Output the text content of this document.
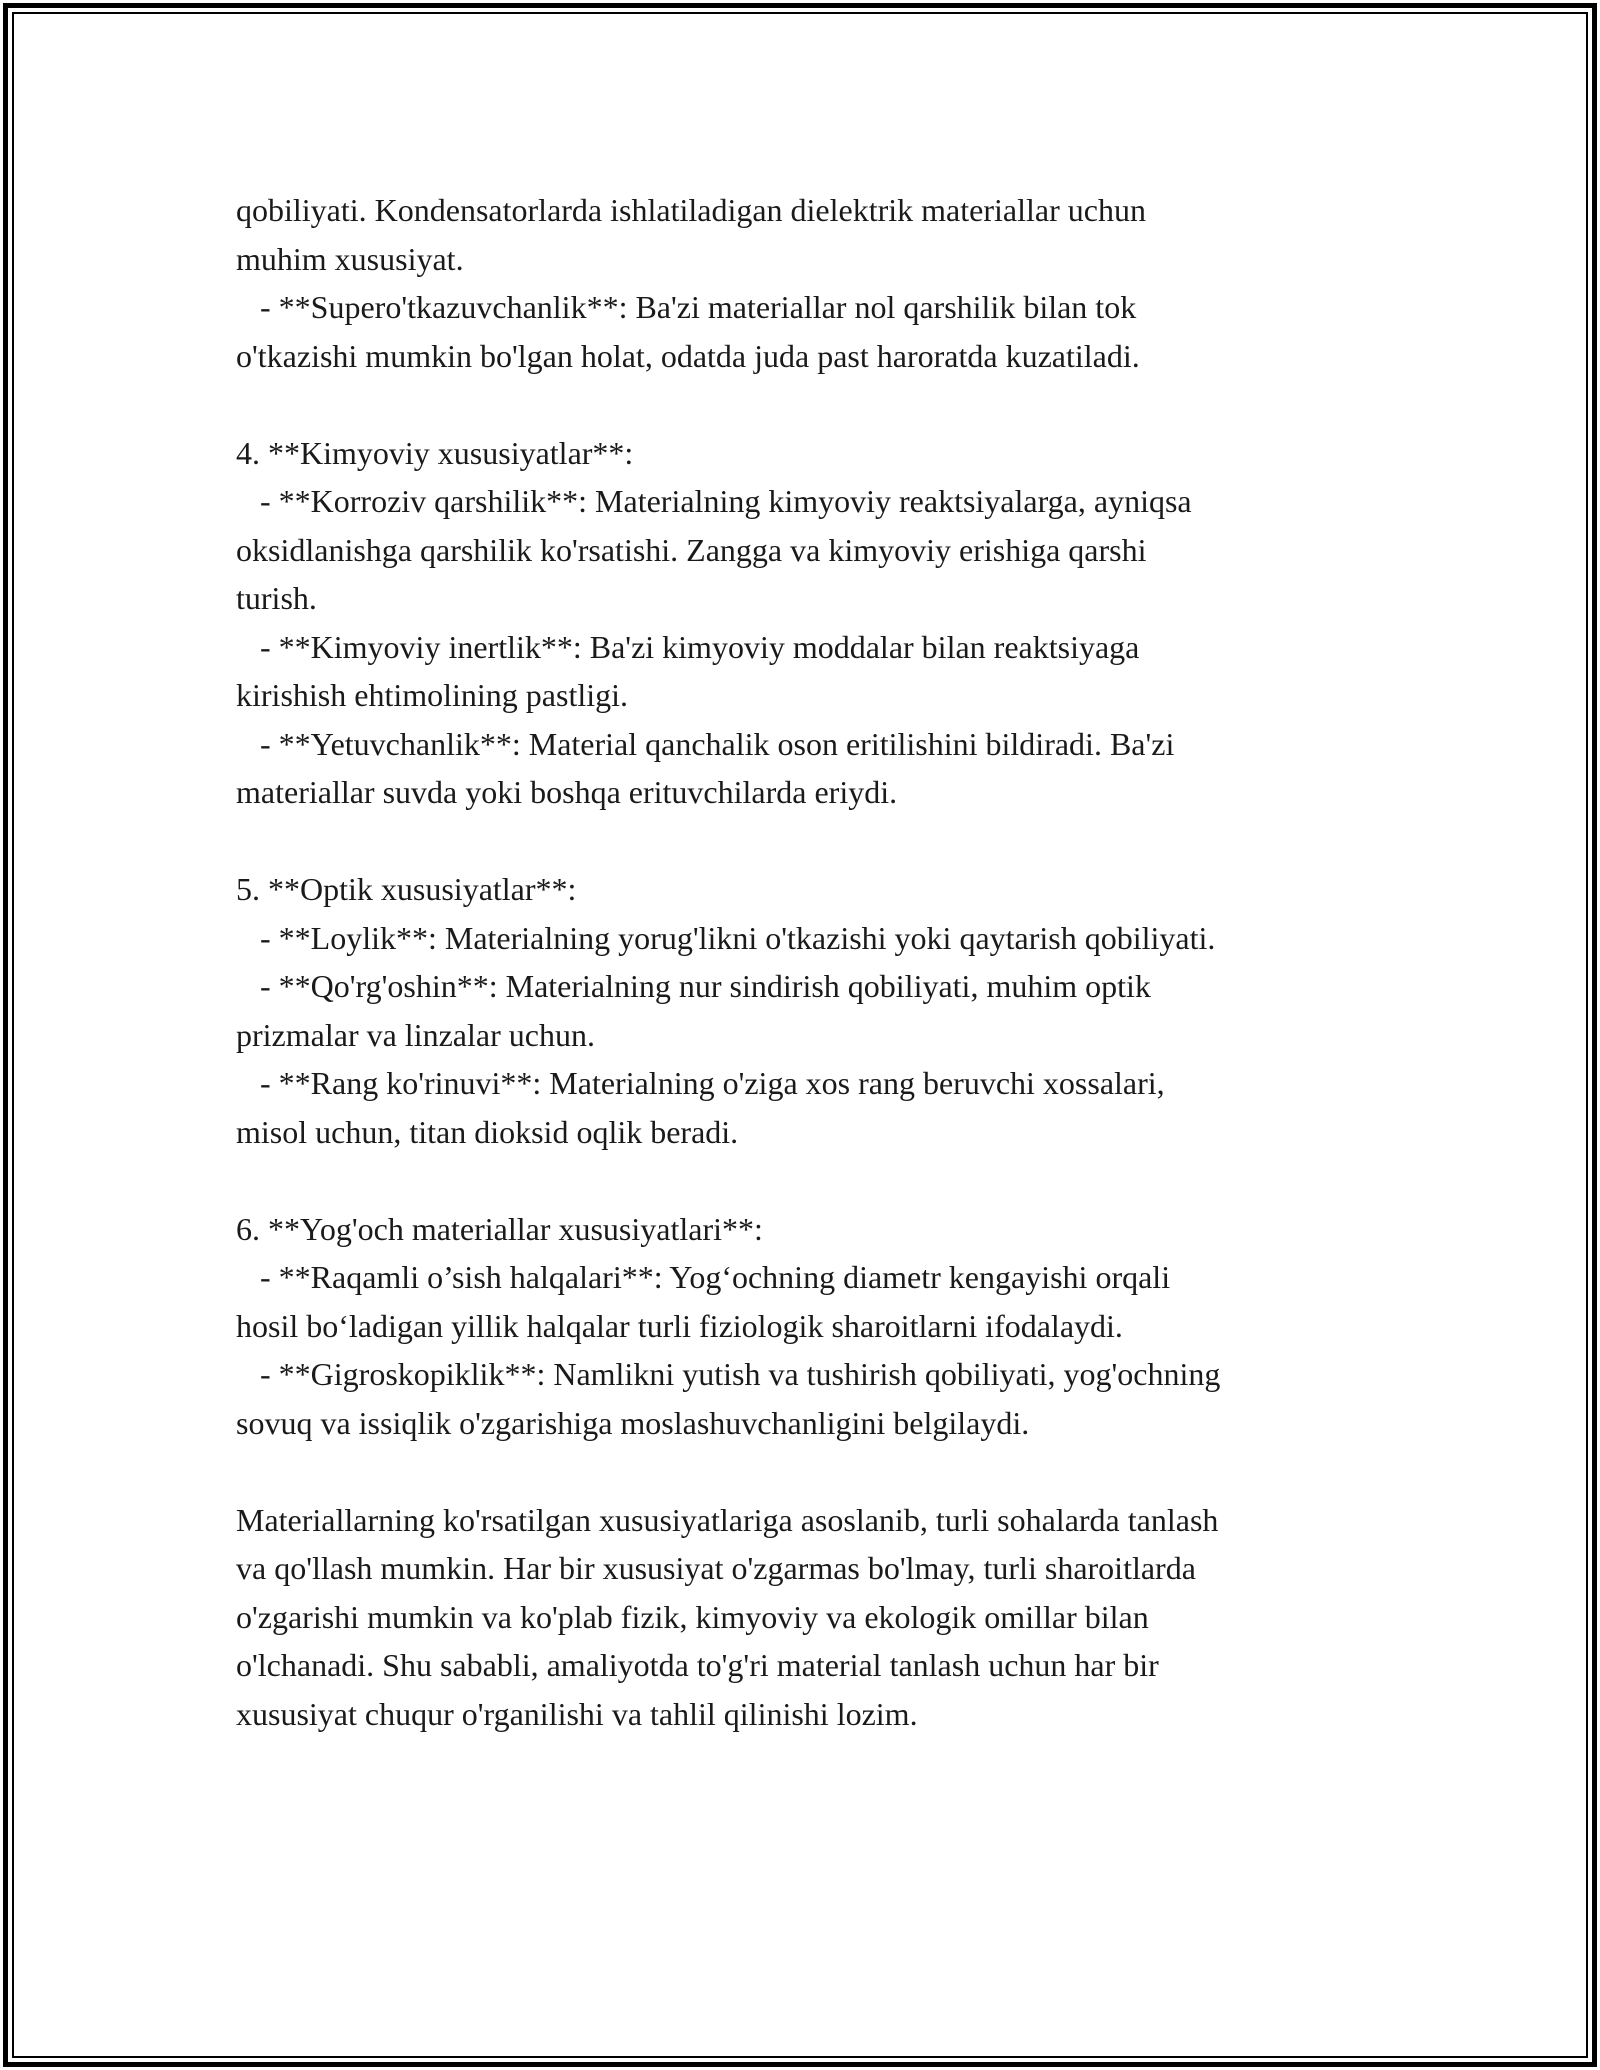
qobiliyati. Kondensatorlarda ishlatiladigan dielektrik materiallar uchun
muhim xususiyat.
- **Supero'tkazuvchanlik**: Ba'zi materiallar nol qarshilik bilan tok
o'tkazishi mumkin bo'lgan holat, odatda juda past haroratda kuzatiladi.
4. **Kimyoviy xususiyatlar**:
- **Korroziv qarshilik**: Materialning kimyoviy reaktsiyalarga, ayniqsa
oksidlanishga qarshilik ko'rsatishi. Zangga va kimyoviy erishiga qarshi
turish.
- **Kimyoviy inertlik**: Ba'zi kimyoviy moddalar bilan reaktsiyaga
kirishish ehtimolining pastligi.
- **Yetuvchanlik**: Material qanchalik oson eritilishini bildiradi. Ba'zi
materiallar suvda yoki boshqa erituvchilarda eriydi.
5. **Optik xususiyatlar**:
- **Loylik**: Materialning yorug'likni o'tkazishi yoki qaytarish qobiliyati.
- **Qo'rg'oshin**: Materialning nur sindirish qobiliyati, muhim optik
prizmalar va linzalar uchun.
- **Rang ko'rinuvi**: Materialning o'ziga xos rang beruvchi xossalari,
misol uchun, titan dioksid oqlik beradi.
6. **Yog'och materiallar xususiyatlari**:
- **Raqamli o’sish halqalari**: Yog‘ochning diametr kengayishi orqali
hosil bo‘ladigan yillik halqalar turli fiziologik sharoitlarni ifodalaydi.
- **Gigroskopiklik**: Namlikni yutish va tushirish qobiliyati, yog'ochning
sovuq va issiqlik o'zgarishiga moslashuvchanligini belgilaydi.
Materiallarning ko'rsatilgan xususiyatlariga asoslanib, turli sohalarda tanlash
va qo'llash mumkin. Har bir xususiyat o'zgarmas bo'lmay, turli sharoitlarda
o'zgarishi mumkin va ko'plab fizik, kimyoviy va ekologik omillar bilan
o'lchanadi. Shu sababli, amaliyotda to'g'ri material tanlash uchun har bir
xususiyat chuqur o'rganilishi va tahlil qilinishi lozim.
